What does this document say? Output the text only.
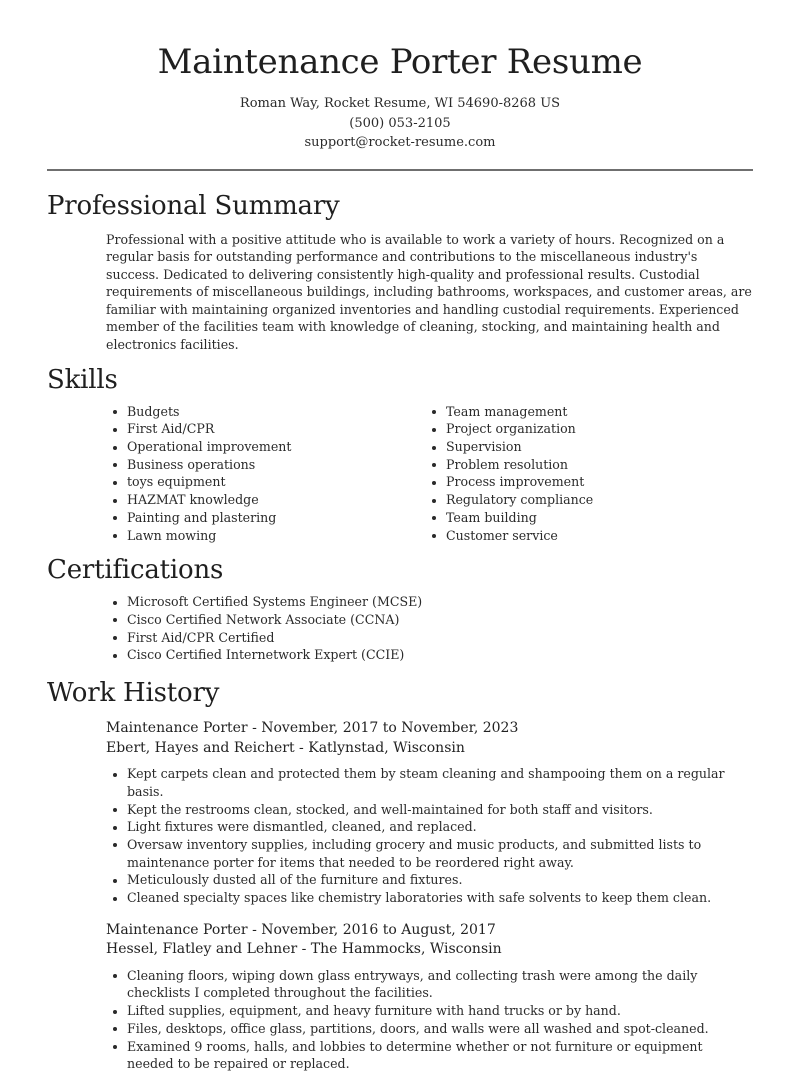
Maintenance Porter Resume
Roman Way, Rocket Resume, WI 54690-8268 US
(500) 053-2105
support@rocket-resume.com
Professional Summary

Professional with a positive attitude who is available to work a variety of hours. Recognized on a regular basis for outstanding performance and contributions to the miscellaneous industry's success. Dedicated to delivering consistently high-quality and professional results. Custodial requirements of miscellaneous buildings, including bathrooms, workspaces, and customer areas, are familiar with maintaining organized inventories and handling custodial requirements. Experienced member of the facilities team with knowledge of cleaning, stocking, and maintaining health and electronics facilities.

Skills
Budgets
First Aid/CPR
Operational improvement
Business operations
toys equipment
HAZMAT knowledge
Painting and plastering
Lawn mowing
Team management
Project organization
Supervision
Problem resolution
Process improvement
Regulatory compliance
Team building
Customer service
Certifications
Microsoft Certified Systems Engineer (MCSE)
Cisco Certified Network Associate (CCNA)
First Aid/CPR Certified
Cisco Certified Internetwork Expert (CCIE)
Work History
Maintenance Porter - November, 2017 to November, 2023
Ebert, Hayes and Reichert - Katlynstad, Wisconsin
Kept carpets clean and protected them by steam cleaning and shampooing them on a regular basis.
Kept the restrooms clean, stocked, and well-maintained for both staff and visitors.
Light fixtures were dismantled, cleaned, and replaced.
Oversaw inventory supplies, including grocery and music products, and submitted lists to maintenance porter for items that needed to be reordered right away.
Meticulously dusted all of the furniture and fixtures.
Cleaned specialty spaces like chemistry laboratories with safe solvents to keep them clean.
Maintenance Porter - November, 2016 to August, 2017
Hessel, Flatley and Lehner - The Hammocks, Wisconsin
Cleaning floors, wiping down glass entryways, and collecting trash were among the daily checklists I completed throughout the facilities.
Lifted supplies, equipment, and heavy furniture with hand trucks or by hand.
Files, desktops, office glass, partitions, doors, and walls were all washed and spot-cleaned.
Examined 9 rooms, halls, and lobbies to determine whether or not furniture or equipment needed to be repaired or replaced.
